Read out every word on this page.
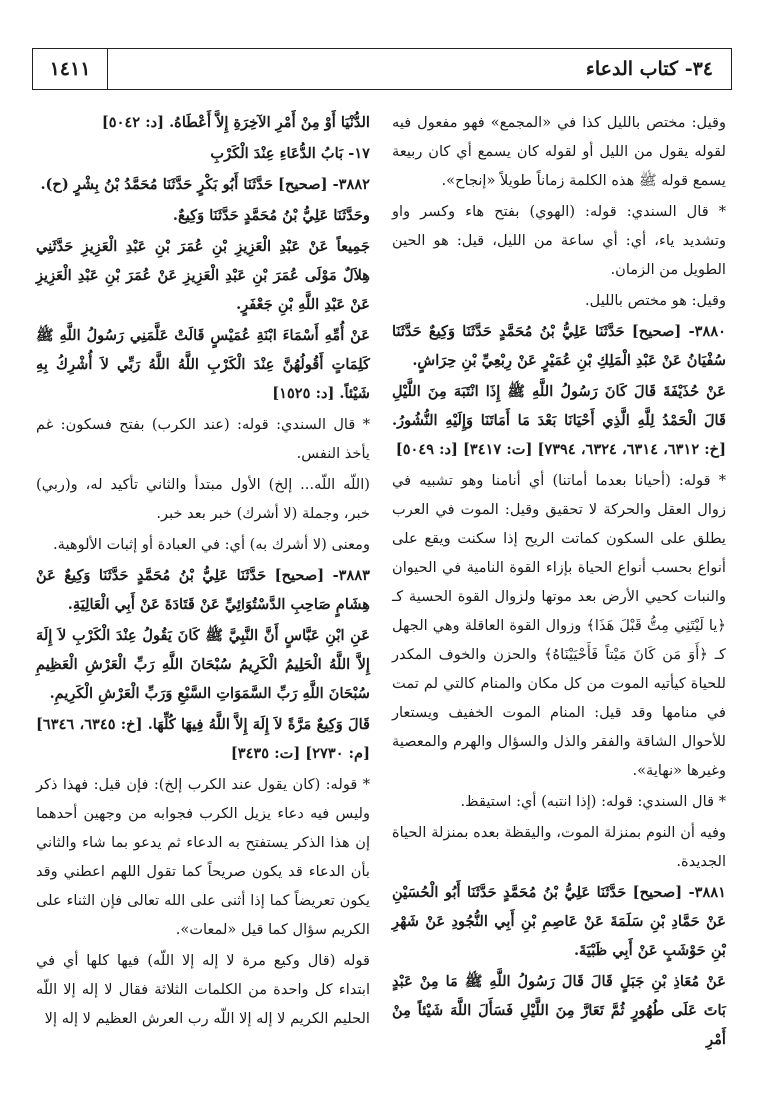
١٤١١	٣٤- كتاب الدعاء

وقيل: مختص بالليل كذا في «المجمع» فهو مفعول فيه لقوله يقول من الليل أو لقوله كان يسمع أي كان ربيعة يسمع قوله ﷺ هذه الكلمة زماناً طويلاً «إنجاح».

* قال السندي: قوله: (الهوي) بفتح هاء وكسر واو وتشديد ياء، أي: أي ساعة من الليل، قيل: هو الحين الطويل من الزمان.

وقيل: هو مختص بالليل.

٣٨٨٠- [صحيح] حَدَّثَنَا عَلِيُّ بْنُ مُحَمَّدٍ حَدَّثَنَا وَكِيعٌ حَدَّثَنَا سُفْيَانُ عَنْ عَبْدِ الْمَلِكِ بْنِ عُمَيْرٍ عَنْ رِبْعِيِّ بْنِ حِرَاشٍ.

عَنْ حُذَيْفَةَ قَالَ كَانَ رَسُولُ اللَّهِ ﷺ إِذَا انْتَبَهَ مِنَ اللَّيْلِ قَالَ الْحَمْدُ لِلَّهِ الَّذِي أَحْيَانَا بَعْدَ مَا أَمَاتَنَا وَإِلَيْهِ النُّشُورُ. [خ: ٦٣١٢، ٦٣١٤، ٦٣٢٤، ٧٣٩٤] [ت: ٣٤١٧] [د: ٥٠٤٩]

* قوله: (أحيانا بعدما أماتنا) أي أنامنا وهو تشبيه في زوال العقل والحركة لا تحقيق وقيل: الموت في العرب يطلق على السكون كماتت الريح إذا سكنت ويقع على أنواع بحسب أنواع الحياة بإزاء القوة النامية في الحيوان والنبات كحيي الأرض بعد موتها ولزوال القوة الحسية كـ ﴿يا لَيْتَنِي مِتُّ قَبْلَ هَذَا﴾ وزوال القوة العاقلة وهي الجهل كـ ﴿أَوَ مَن كَانَ مَيْتاً فَأَحْيَيْنَاهُ﴾ والحزن والخوف المكدر للحياة كيأتيه الموت من كل مكان والمنام كالتي لم تمت في منامها وقد قيل: المنام الموت الخفيف ويستعار للأحوال الشاقة والفقر والذل والسؤال والهرم والمعصية وغيرها «نهاية».

* قال السندي: قوله: (إذا انتبه) أي: استيقظ.

وفيه أن النوم بمنزلة الموت، واليقظة بعده بمنزلة الحياة الجديدة.

٣٨٨١- [صحيح] حَدَّثَنَا عَلِيُّ بْنُ مُحَمَّدٍ حَدَّثَنَا أَبُو الْحُسَيْنِ عَنْ حَمَّادِ بْنِ سَلَمَةَ عَنْ عَاصِمِ بْنِ أَبِي النُّجُودِ عَنْ شَهْرِ بْنِ حَوْشَبٍ عَنْ أَبِي ظَبْيَةَ.

عَنْ مُعَاذِ بْنِ جَبَلٍ قَالَ قَالَ رَسُولُ اللَّهِ ﷺ مَا مِنْ عَبْدٍ بَاتَ عَلَى طُهُورٍ ثُمَّ تَعَارَّ مِنَ اللَّيْلِ فَسَأَلَ اللَّهَ شَيْئاً مِنْ أَمْرِ

الدُّنْيَا أَوْ مِنْ أَمْرِ الآخِرَةِ إِلاَّ أَعْطَاهُ. [د: ٥٠٤٢]

١٧- بَابُ الدُّعَاءِ عِنْدَ الْكَرْبِ

٣٨٨٢- [صحيح] حَدَّثَنَا أَبُو بَكْرٍ حَدَّثَنَا مُحَمَّدُ بْنُ بِشْرٍ (ح).

وحَدَّثَنَا عَلِيُّ بْنُ مُحَمَّدٍ حَدَّثَنَا وَكِيعٌ.

جَمِيعاً عَنْ عَبْدِ الْعَزِيزِ بْنِ عُمَرَ بْنِ عَبْدِ الْعَزِيزِ حَدَّثَنِي هِلاَلٌ مَوْلَى عُمَرَ بْنِ عَبْدِ الْعَزِيزِ عَنْ عُمَرَ بْنِ عَبْدِ الْعَزِيزِ عَنْ عَبْدِ اللَّهِ بْنِ جَعْفَرٍ.

عَنْ أُمِّهِ أَسْمَاءَ ابْنَةِ عُمَيْسٍ قَالَتْ عَلَّمَنِي رَسُولُ اللَّهِ ﷺ كَلِمَاتٍ أَقُولُهُنَّ عِنْدَ الْكَرْبِ اللَّهُ اللَّهُ رَبِّي لاَ أُشْرِكُ بِهِ شَيْئاً. [د: ١٥٢٥]

* قال السندي: قوله: (عند الكرب) بفتح فسكون: غم يأخذ النفس.

(اللّه اللّه... إلخ) الأول مبتدأ والثاني تأكيد له، و(ربي) خبر، وجملة (لا أشرك) خبر بعد خبر.

ومعنى (لا أشرك به) أي: في العبادة أو إثبات الألوهية.

٣٨٨٣- [صحيح] حَدَّثَنَا عَلِيُّ بْنُ مُحَمَّدٍ حَدَّثَنَا وَكِيعٌ عَنْ هِشَامٍ صَاحِبِ الدَّسْتُوَائِيِّ عَنْ قَتَادَةَ عَنْ أَبِي الْعَالِيَةِ.

عَنِ ابْنِ عَبَّاسٍ أَنَّ النَّبِيَّ ﷺ كَانَ يَقُولُ عِنْدَ الْكَرْبِ لاَ إِلَهَ إِلاَّ اللَّهُ الْحَلِيمُ الْكَرِيمُ سُبْحَانَ اللَّهِ رَبِّ الْعَرْشِ الْعَظِيمِ سُبْحَانَ اللَّهِ رَبِّ السَّمَوَاتِ السَّبْعِ وَرَبِّ الْعَرْشِ الْكَرِيمِ.

قَالَ وَكِيعٌ مَرَّةً لاَ إِلَهَ إِلاَّ اللَّهُ فِيهَا كُلِّهَا. [خ: ٦٣٤٥، ٦٣٤٦] [م: ٢٧٣٠] [ت: ٣٤٣٥]

* قوله: (كان يقول عند الكرب إلخ): فإن قيل: فهذا ذكر وليس فيه دعاء يزيل الكرب فجوابه من وجهين أحدهما إن هذا الذكر يستفتح به الدعاء ثم يدعو بما شاء والثاني بأن الدعاء قد يكون صريحاً كما تقول اللهم اعطني وقد يكون تعريضاً كما إذا أثنى على الله تعالى فإن الثناء على الكريم سؤال كما قيل «لمعات».

قوله (قال وكيع مرة لا إله إلا اللّه) فيها كلها أي في ابتداء كل واحدة من الكلمات الثلاثة فقال لا إله إلا اللّه الحليم الكريم لا إله إلا اللّه رب العرش العظيم لا إله إلا
